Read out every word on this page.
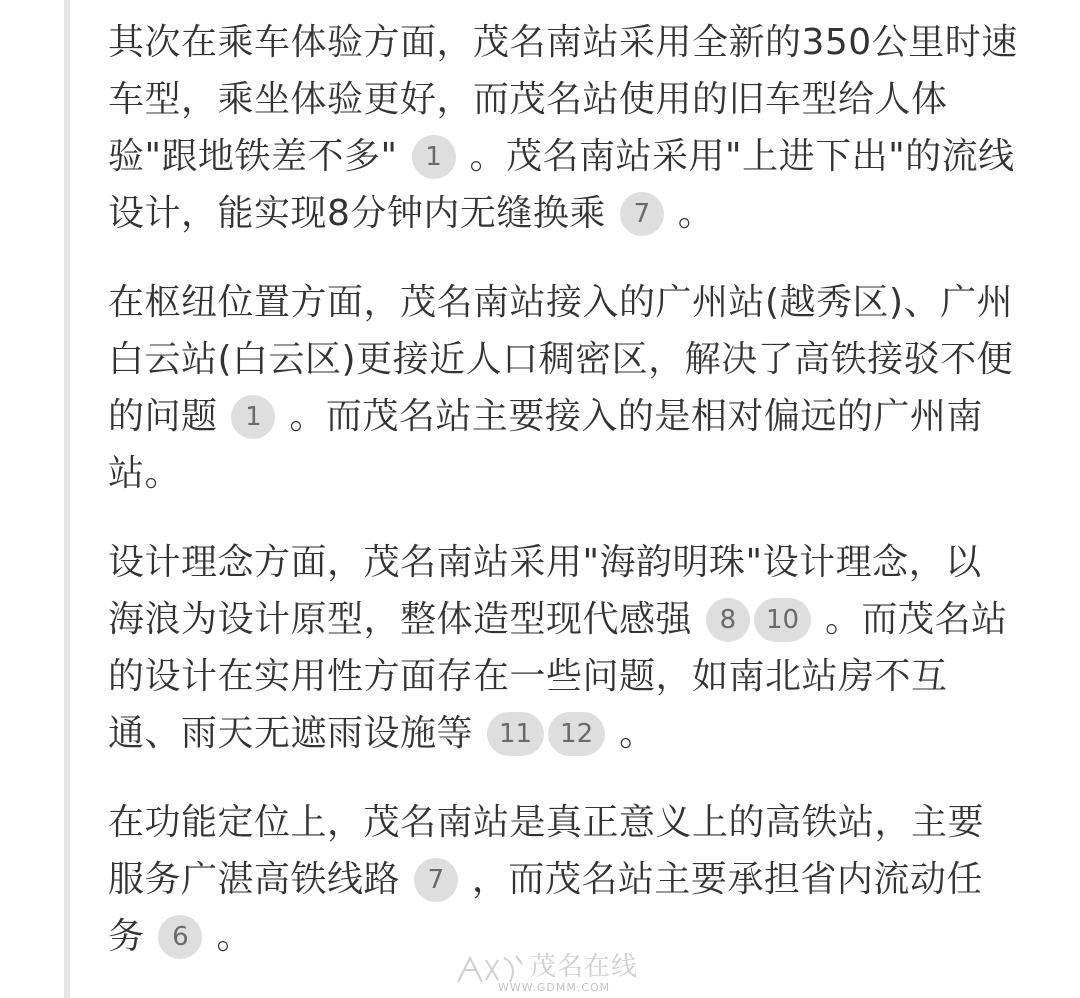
其次在乘车体验方面，茂名南站采用全新的350公里时速车型，乘坐体验更好，而茂名站使用的旧车型给人体验"跟地铁差不多" 1 。茂名南站采用"上进下出"的流线设计，能实现8分钟内无缝换乘 7 。

在枢纽位置方面，茂名南站接入的广州站(越秀区)、广州白云站(白云区)更接近人口稠密区，解决了高铁接驳不便的问题 1 。而茂名站主要接入的是相对偏远的广州南站。

设计理念方面，茂名南站采用"海韵明珠"设计理念，以海浪为设计原型，整体造型现代感强 8 10 。而茂名站的设计在实用性方面存在一些问题，如南北站房不互通、雨天无遮雨设施等 11 12 。

在功能定位上，茂名南站是真正意义上的高铁站，主要服务广湛高铁线路 7 ，而茂名站主要承担省内流动任务 6 。

茂名在线
WWW.GDMM.COM
